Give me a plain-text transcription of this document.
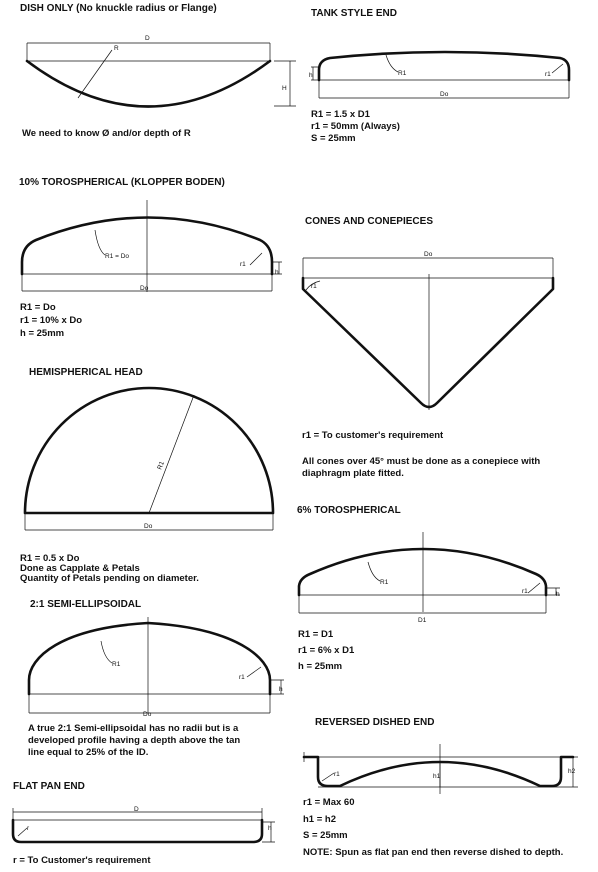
D
R
H
h	R1	r1
Do
R1 = Do
r1
h
Do
Do
r1
R1
Do
R1
r1	h
D1
R1
r1
h
Do
r1	h1
h2
D
r	h
DISH ONLY (No knuckle radius or Flange)
We need to know Ø and/or depth of R
TANK STYLE END
R1 = 1.5 x D1
r1 = 50mm (Always)
S = 25mm
10% TOROSPHERICAL (KLOPPER BODEN)
R1 = Do
r1 = 10% x Do
h = 25mm
CONES AND CONEPIECES
r1 = To customer's requirement
All cones over 45° must be done as a conepiece with
diaphragm plate fitted.
HEMISPHERICAL HEAD
R1 = 0.5 x Do
Done as Capplate & Petals
Quantity of Petals pending on diameter.
6% TOROSPHERICAL
R1 = D1
r1 = 6% x D1
h = 25mm
2:1 SEMI-ELLIPSOIDAL
A true 2:1 Semi-ellipsoidal has no radii but is a
developed profile having a depth above the tan
line equal to 25% of the ID.
REVERSED DISHED END
r1 = Max 60
h1 = h2
S = 25mm
NOTE: Spun as flat pan end then reverse dished to depth.
FLAT PAN END
r = To Customer's requirement
